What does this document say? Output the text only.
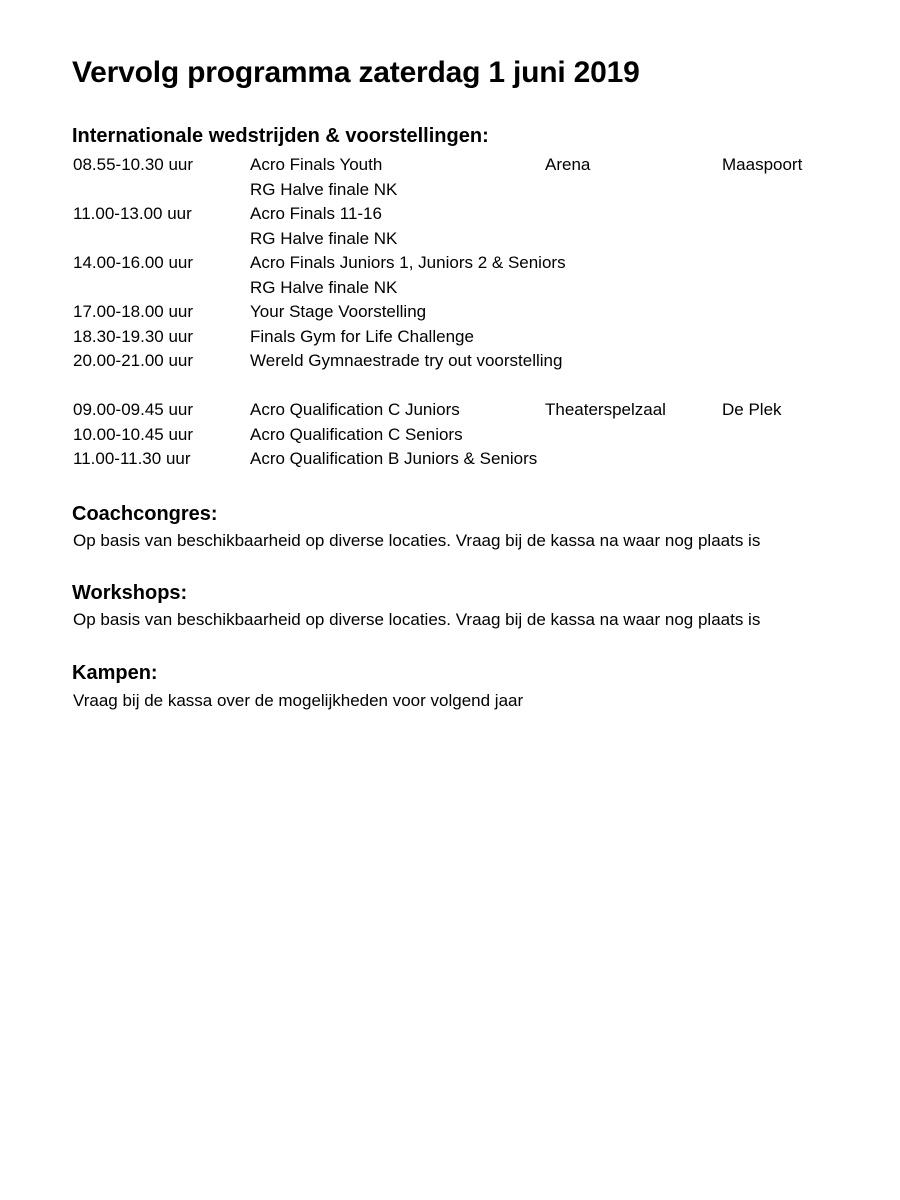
Vervolg programma zaterdag 1 juni 2019
Internationale wedstrijden & voorstellingen:
08.55-10.30 uur	Acro Finals Youth	Arena	Maaspoort
RG Halve finale NK
11.00-13.00 uur	Acro Finals 11-16
RG Halve finale NK
14.00-16.00 uur	Acro Finals Juniors 1, Juniors 2 & Seniors
RG Halve finale NK
17.00-18.00 uur	Your Stage Voorstelling
18.30-19.30 uur	Finals Gym for Life Challenge
20.00-21.00 uur	Wereld Gymnaestrade try out voorstelling
09.00-09.45 uur	Acro Qualification C Juniors	Theaterspelzaal	De Plek
10.00-10.45 uur	Acro Qualification C Seniors
11.00-11.30 uur	Acro Qualification B Juniors & Seniors
Coachcongres:
Op basis van beschikbaarheid op diverse locaties. Vraag bij de kassa na waar nog plaats is
Workshops:
Op basis van beschikbaarheid op diverse locaties. Vraag bij de kassa na waar nog plaats is
Kampen:
Vraag bij de kassa over de mogelijkheden voor volgend jaar
